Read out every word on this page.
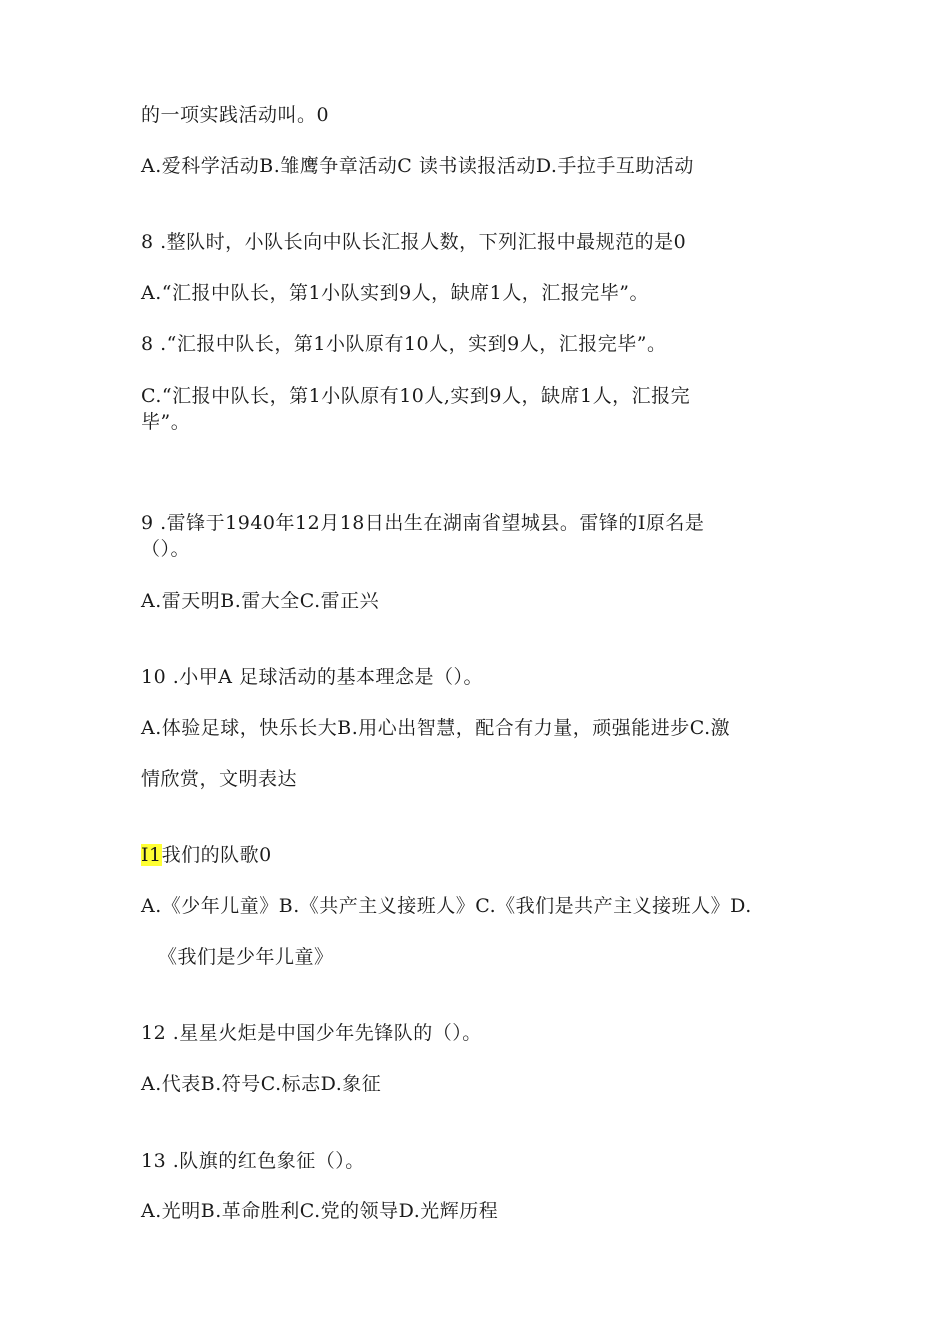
的一项实践活动叫。0

A.爱科学活动B.雏鹰争章活动C 读书读报活动D.手拉手互助活动

8 .整队时，小队长向中队长汇报人数，下列汇报中最规范的是0

A.“汇报中队长，第1小队实到9人，缺席1人，汇报完毕”。

8 .“汇报中队长，第1小队原有10人，实到9人，汇报完毕”。

C.“汇报中队长，第1小队原有10人,实到9人，缺席1人，汇报完

毕”。

9 .雷锋于1940年12月18日出生在湖南省望城县。雷锋的I原名是

（）。

A.雷天明B.雷大全C.雷正兴

10 .小甲A 足球活动的基本理念是（）。

A.体验足球，快乐长大B.用心出智慧，配合有力量，顽强能进步C.激

情欣赏，文明表达

I1我们的队歌0

A.《少年儿童》B.《共产主义接班人》C.《我们是共产主义接班人》D.

《我们是少年儿童》

12 .星星火炬是中国少年先锋队的（）。

A.代表B.符号C.标志D.象征

13 .队旗的红色象征（）。

A.光明B.革命胜利C.党的领导D.光辉历程
